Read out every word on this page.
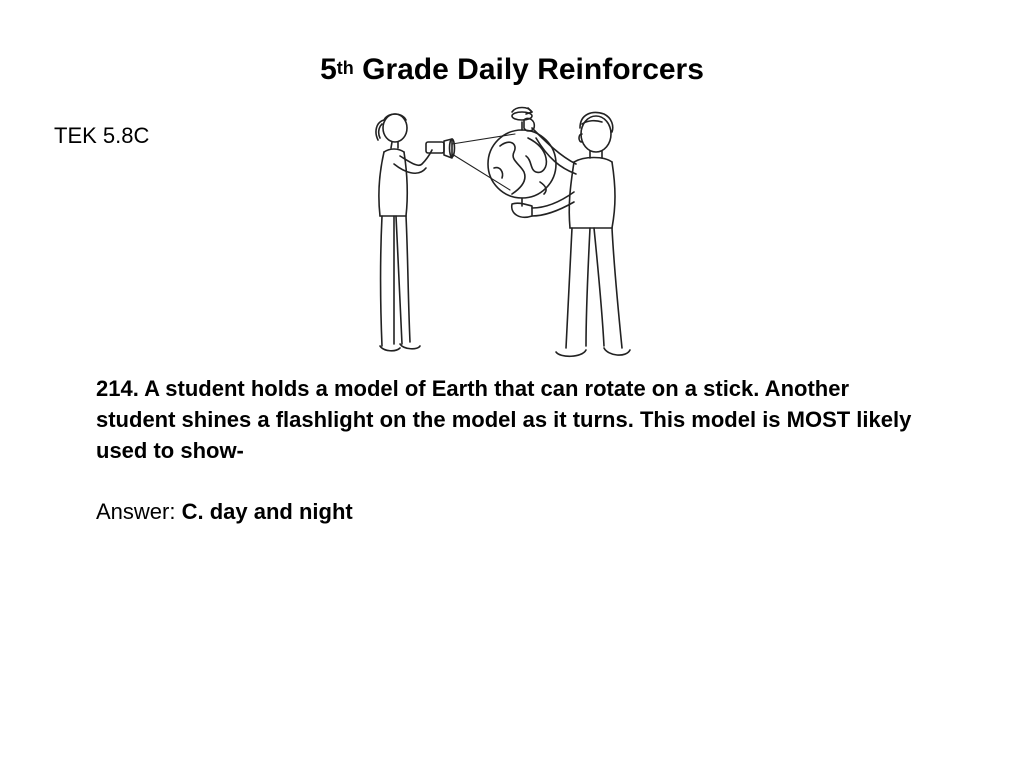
5th Grade Daily Reinforcers
TEK 5.8C

214. A student holds a model of Earth that can rotate on a stick. Another student shines a flashlight on the model as it turns. This model is MOST likely used to show-

Answer: C. day and night
